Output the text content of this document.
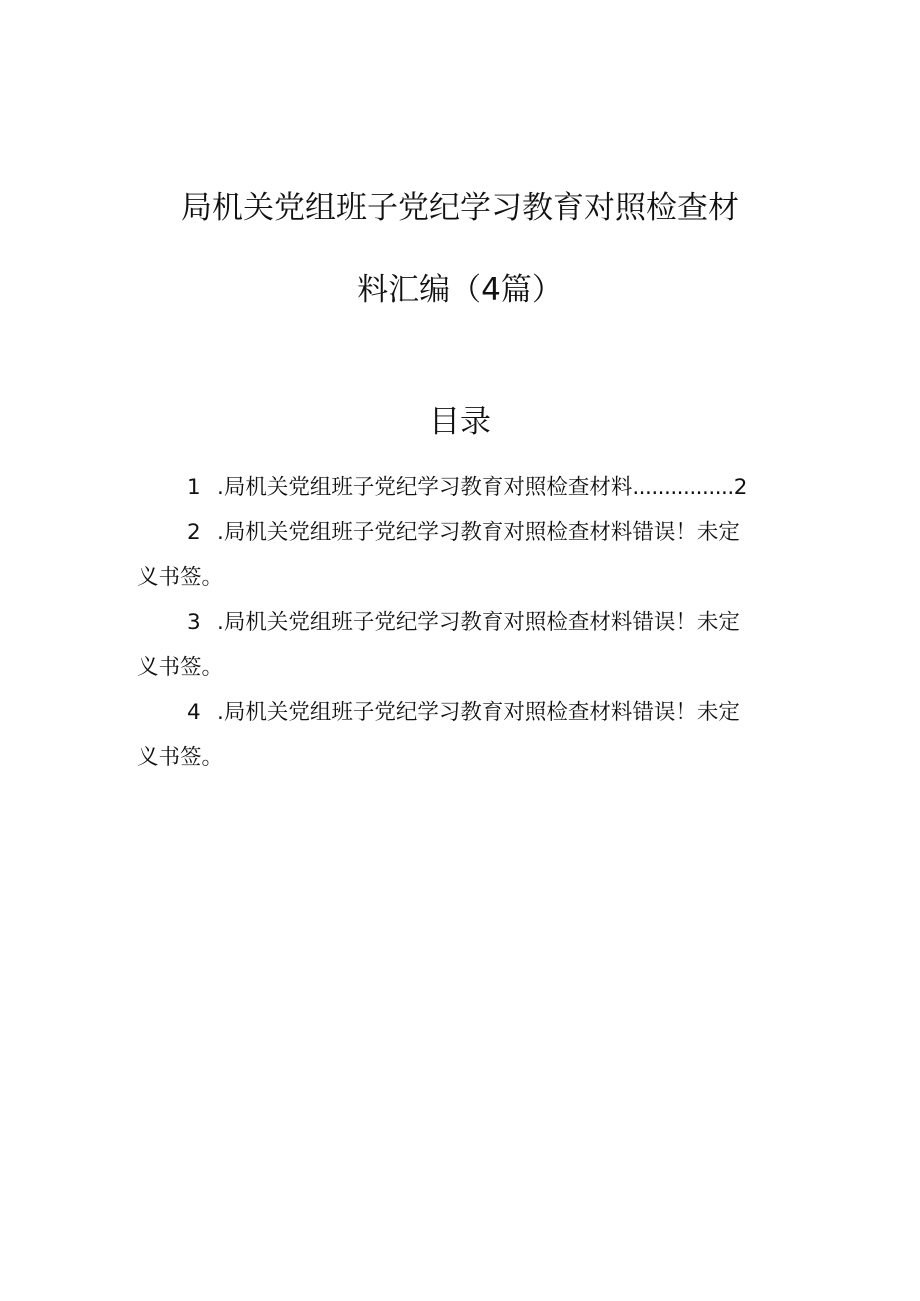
局机关党组班子党纪学习教育对照检查材
料汇编（4篇）
目录
1 .局机关党组班子党纪学习教育对照检查材料................2
2 .局机关党组班子党纪学习教育对照检查材料错误！未定
义书签。
3 .局机关党组班子党纪学习教育对照检查材料错误！未定
义书签。
4 .局机关党组班子党纪学习教育对照检查材料错误！未定
义书签。
